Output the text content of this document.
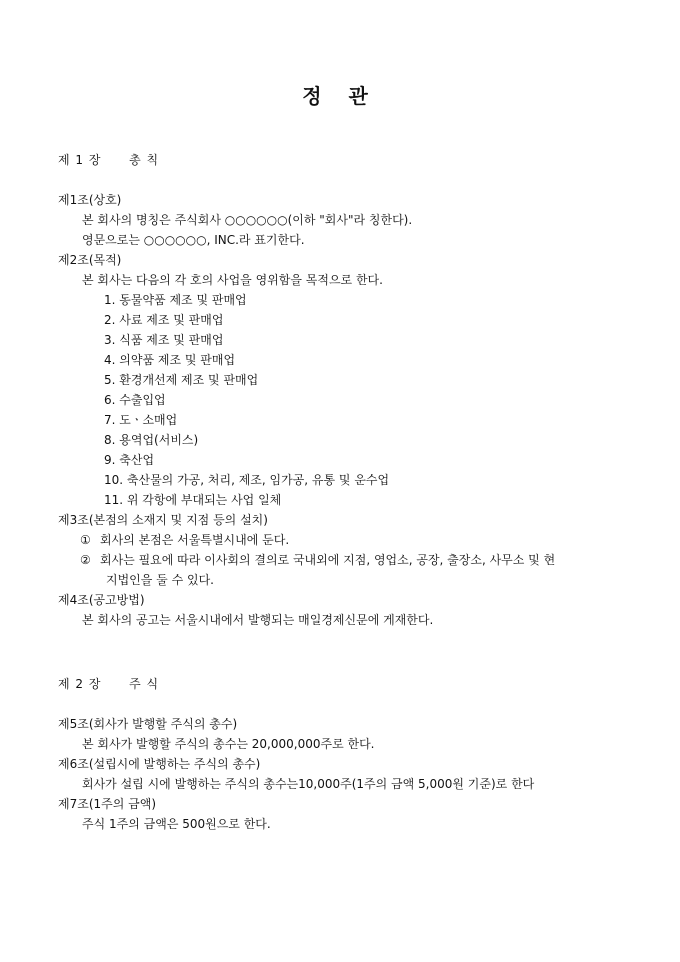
정 관
제 1 장 총 칙
제1조(상호)
본 회사의 명칭은 주식회사 ○○○○○○(이하 "회사"라 칭한다).
영문으로는 ○○○○○○, INC.라 표기한다.
제2조(목적)
본 회사는 다음의 각 호의 사업을 영위함을 목적으로 한다.
1. 동물약품 제조 및 판매업
2. 사료 제조 및 판매업
3. 식품 제조 및 판매업
4. 의약품 제조 및 판매업
5. 환경개선제 제조 및 판매업
6. 수출입업
7. 도ㆍ소매업
8. 용역업(서비스)
9. 축산업
10. 축산물의 가공, 처리, 제조, 임가공, 유통 및 운수업
11. 위 각항에 부대되는 사업 일체
제3조(본점의 소재지 및 지점 등의 설치)
① 회사의 본점은 서울특별시내에 둔다.
② 회사는 필요에 따라 이사회의 결의로 국내외에 지점, 영업소, 공장, 출장소, 사무소 및 현
지법인을 둘 수 있다.
제4조(공고방법)
본 회사의 공고는 서울시내에서 발행되는 매일경제신문에 게재한다.
제 2 장 주 식
제5조(회사가 발행할 주식의 총수)
본 회사가 발행할 주식의 총수는 20,000,000주로 한다.
제6조(설립시에 발행하는 주식의 총수)
회사가 설립 시에 발행하는 주식의 총수는10,000주(1주의 금액 5,000원 기준)로 한다
제7조(1주의 금액)
주식 1주의 금액은 500원으로 한다.
